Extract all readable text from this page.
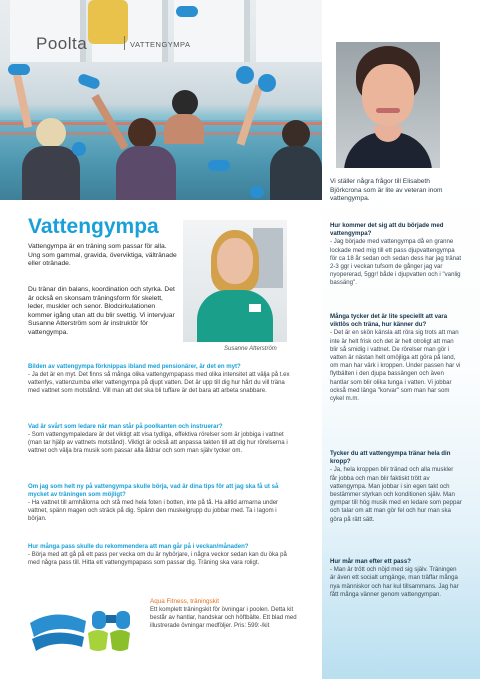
Poolta	VATTENGYMPA
Vi ställer några frågor till Elisabeth Björkcrona som är lite av veteran inom vattengympa.
Hur kommer det sig att du började med vattengympa?
- Jag började med vattengympa då en granne lockade med mig till ett pass djupvattengympa för ca 18 år sedan och sedan dess har jag tränat 2-3 ggr i veckan tufsom de gånger jag var nyopererad, 5ggr! både i djupvatten och i "vanlig bassäng".
Många tycker det är lite speciellt att vara viktlös och träna, hur känner du?
- Det är en skön känsla att röra sig trots att man inte är helt frisk och det är helt otroligt att man blir så smidig i vattnet. De rörelser man gör i vatten är nästan helt omöjliga att göra på land, om man har värk i kroppen. Under passen har vi flytbälten i den djupa bassängen och även hantlar som blir olika tunga i vatten. Vi jobbar också med länga "korvar" som man har som cykel m.m.
Tycker du att vattengympa tränar hela din kropp?
- Ja, hela kroppen blir tränad och alla muskler får jobba och man blir faktiskt trött av vattengympa. Man jobbar i sin egen takt och bestämmer styrkan och konditionen själv. Man gympar till hög musik med en ledare som peppar och talar om att man gör fel och hur man ska göra på rätt sätt.
Hur mår man efter ett pass?
- Man är trött och nöjd med sig själv. Träningen är även ett socialt umgänge, man träffar många nya människor och har kul tillsammans. Jag har fått många vänner genom vattengympan.
Vattengympa
Vattengympa är en träning som passar för alla. Ung som gammal, gravida, överviktiga, vältränade eller otränade.
Du tränar din balans, koordination och styrka. Det är också en skonsam träningsform för skelett, leder, muskler och senor. Blodcirkulationen kommer igång utan att du blir svettig. Vi intervjuar Susanne Atterström som är instruktör för vattengympa.
Susanne Atterström
Bilden av vattengympa förknippas ibland med pensionärer, är det en myt?
- Ja det är en myt. Det finns så många olika vattengympapass med olika intensitet att välja på t.ex vattenfys, vattenzumba eller vattengympa på djupt vatten. Det är upp till dig hur hårt du vill träna med vattnet som motstånd. Vill man att det ska bli tuffare är det bara att arbeta snabbare.
Vad är svårt som ledare när man står på poolkanten och instruerar?
- Som vattengympaledare är det viktigt att visa tydliga, effektiva rörelser som är jobbiga i vattnet (man tar hjälp av vattnets motstånd). Viktigt är också att anpassa takten till att dig hur rörelserna i vattnet och välja bra musik som passar alla åldrar och som man själv tycker om.
Om jag som helt ny på vattengympa skulle börja, vad är dina tips för att jag ska få ut så mycket av träningen som möjligt?
- Ha vattnet till armhålorna och stå med hela foten i botten, inte på tå. Ha alltid armarna under vattnet, spänn magen och sträck på dig. Spänn den muskelgrupp du jobbar med. Ta i lagom i början.
Hur många pass skulle du rekommendera att man går på i veckan/månaden?
- Börja med att gå på ett pass per vecka om du är nybörjare, i några veckor sedan kan du öka på med några pass till. Hitta ett vattengympapass som passar dig. Träning ska vara roligt.
Aqua Fitness, träningskit
Ett komplett träningskit för övningar i poolen. Detta kit består av hantlar, handskar och höftbälte. Ett blad med illustrerade övningar medföljer. Pris: 599:-/kit
